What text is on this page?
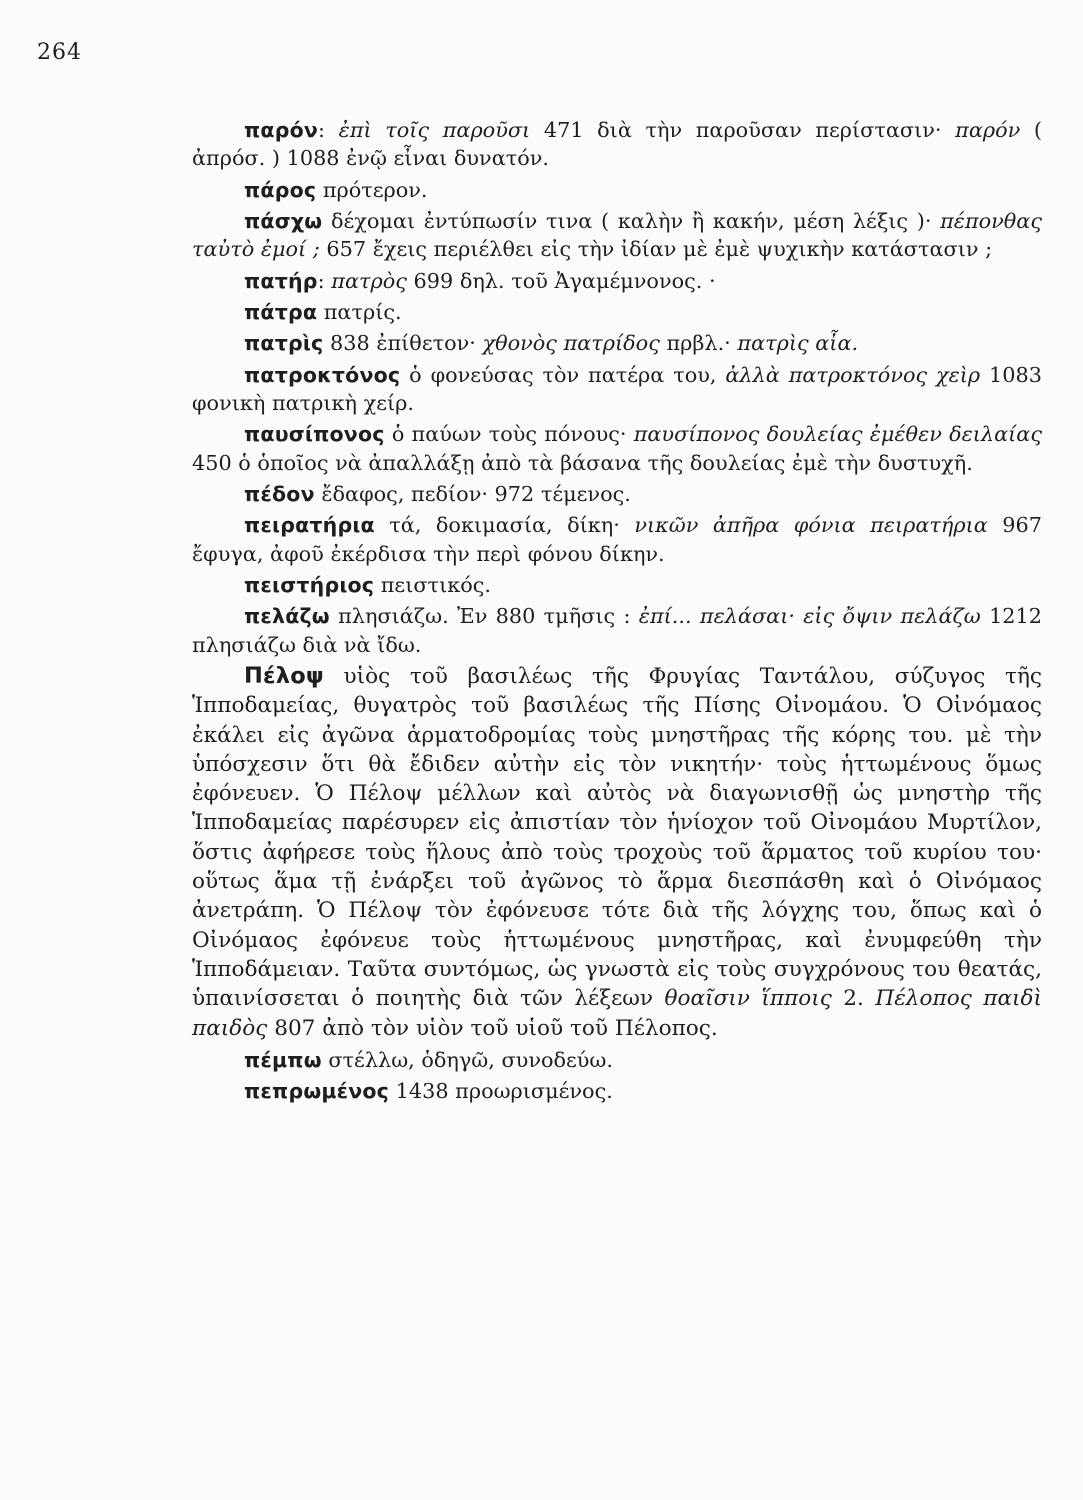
264

παρόν: ἐπὶ τοῖς παροῦσι 471 διὰ τὴν παροῦσαν περίστασιν· παρόν ( ἀπρόσ. ) 1088 ἐνῷ εἶναι δυνατόν.

πάρος πρότερον.

πάσχω δέχομαι ἐντύπωσίν τινα ( καλὴν ἢ κακήν, μέση λέξις )· πέπονθας ταὐτὸ ἐμοί ; 657 ἔχεις περιέλθει εἰς τὴν ἰδίαν μὲ ἐμὲ ψυχικὴν κατάστασιν ;

πατήρ: πατρὸς 699 δηλ. τοῦ Ἀγαμέμνονος. ·

πάτρα πατρίς.

πατρὶς 838 ἐπίθετον· χθονὸς πατρίδος πρβλ.· πατρὶς αἶα.

πατροκτόνος ὁ φονεύσας τὸν πατέρα του, ἀλλὰ πατροκτόνος χεὶρ 1083 φονικὴ πατρικὴ χείρ.

παυσίπονος ὁ παύων τοὺς πόνους· παυσίπονος δουλείας ἐμέθεν δειλαίας 450 ὁ ὁποῖος νὰ ἀπαλλάξῃ ἀπὸ τὰ βάσανα τῆς δουλείας ἐμὲ τὴν δυστυχῆ.

πέδον ἔδαφος, πεδίον· 972 τέμενος.

πειρατήρια τά, δοκιμασία, δίκη· νικῶν ἀπῆρα φόνια πειρατήρια 967 ἔφυγα, ἀφοῦ ἐκέρδισα τὴν περὶ φόνου δίκην.

πειστήριος πειστικός.

πελάζω πλησιάζω. Ἐν 880 τμῆσις : ἐπί... πελάσαι· εἰς ὄψιν πελάζω 1212 πλησιάζω διὰ νὰ ἴδω.

Πέλοψ υἱὸς τοῦ βασιλέως τῆς Φρυγίας Ταντάλου, σύζυγος τῆς Ἱπποδαμείας, θυγατρὸς τοῦ βασιλέως τῆς Πίσης Οἰνομάου. Ὁ Οἰνόμαος ἐκάλει εἰς ἀγῶνα ἁρματοδρομίας τοὺς μνηστῆρας τῆς κόρης του. μὲ τὴν ὑπόσχεσιν ὅτι θὰ ἔδιδεν αὐτὴν εἰς τὸν νικητήν· τοὺς ἡττωμένους ὅμως ἐφόνευεν. Ὁ Πέλοψ μέλλων καὶ αὐτὸς νὰ διαγωνισθῇ ὡς μνηστὴρ τῆς Ἱπποδαμείας παρέσυρεν εἰς ἀπιστίαν τὸν ἡνίοχον τοῦ Οἰνομάου Μυρτίλον, ὅστις ἀφήρεσε τοὺς ἥλους ἀπὸ τοὺς τροχοὺς τοῦ ἅρματος τοῦ κυρίου του· οὕτως ἅμα τῇ ἐνάρξει τοῦ ἀγῶνος τὸ ἅρμα διεσπάσθη καὶ ὁ Οἰνόμαος ἀνετράπη. Ὁ Πέλοψ τὸν ἐφόνευσε τότε διὰ τῆς λόγχης του, ὅπως καὶ ὁ Οἰνόμαος ἐφόνευε τοὺς ἡττωμένους μνηστῆρας, καὶ ἐνυμφεύθη τὴν Ἱπποδάμειαν. Ταῦτα συντόμως, ὡς γνωστὰ εἰς τοὺς συγχρόνους του θεατάς, ὑπαινίσσεται ὁ ποιητὴς διὰ τῶν λέξεων θοαῖσιν ἵπποις 2. Πέλοπος παιδὶ παιδὸς 807 ἀπὸ τὸν υἱὸν τοῦ υἱοῦ τοῦ Πέλοπος.

πέμπω στέλλω, ὁδηγῶ, συνοδεύω.

πεπρωμένος 1438 προωρισμένος.
